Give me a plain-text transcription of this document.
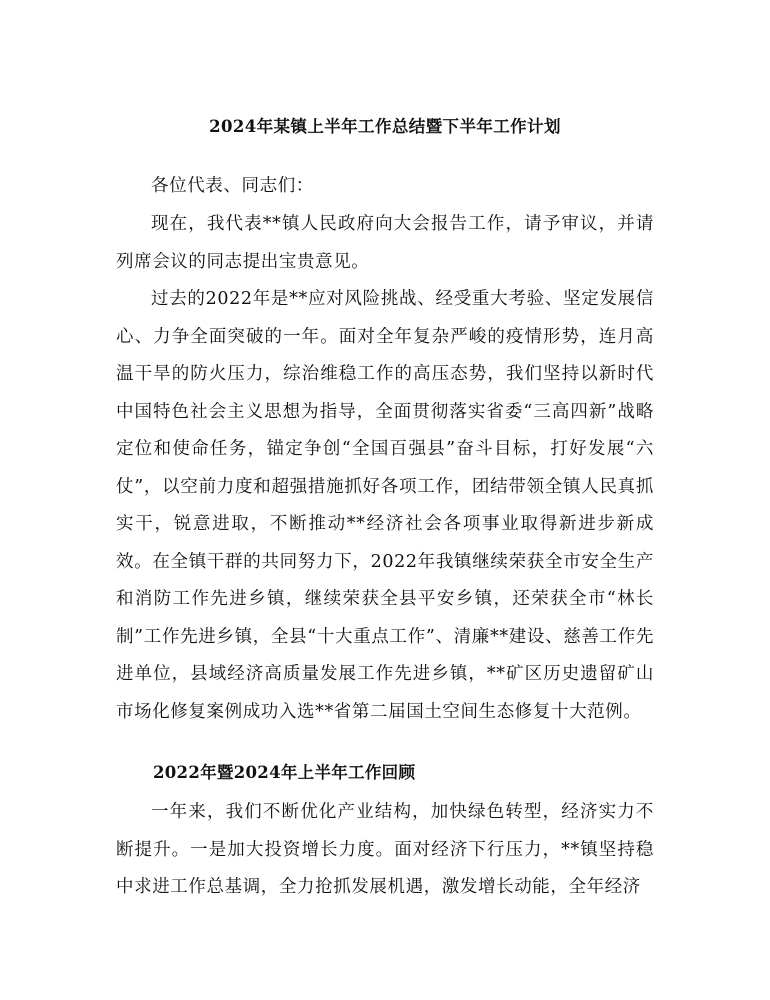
2024年某镇上半年工作总结暨下半年工作计划

各位代表、同志们：

现在，我代表**镇人民政府向大会报告工作，请予审议，并请列席会议的同志提出宝贵意见。

过去的2022年是**应对风险挑战、经受重大考验、坚定发展信心、力争全面突破的一年。面对全年复杂严峻的疫情形势，连月高温干旱的防火压力，综治维稳工作的高压态势，我们坚持以新时代中国特色社会主义思想为指导，全面贯彻落实省委“三高四新”战略定位和使命任务，锚定争创“全国百强县”奋斗目标，打好发展“六仗”，以空前力度和超强措施抓好各项工作，团结带领全镇人民真抓实干，锐意进取，不断推动**经济社会各项事业取得新进步新成效。在全镇干群的共同努力下，2022年我镇继续荣获全市安全生产和消防工作先进乡镇，继续荣获全县平安乡镇，还荣获全市“林长制”工作先进乡镇，全县“十大重点工作”、清廉**建设、慈善工作先进单位，县域经济高质量发展工作先进乡镇，**矿区历史遗留矿山市场化修复案例成功入选**省第二届国土空间生态修复十大范例。

2022年暨2024年上半年工作回顾

一年来，我们不断优化产业结构，加快绿色转型，经济实力不断提升。一是加大投资增长力度。面对经济下行压力，**镇坚持稳中求进工作总基调，全力抢抓发展机遇，激发增长动能，全年经济
